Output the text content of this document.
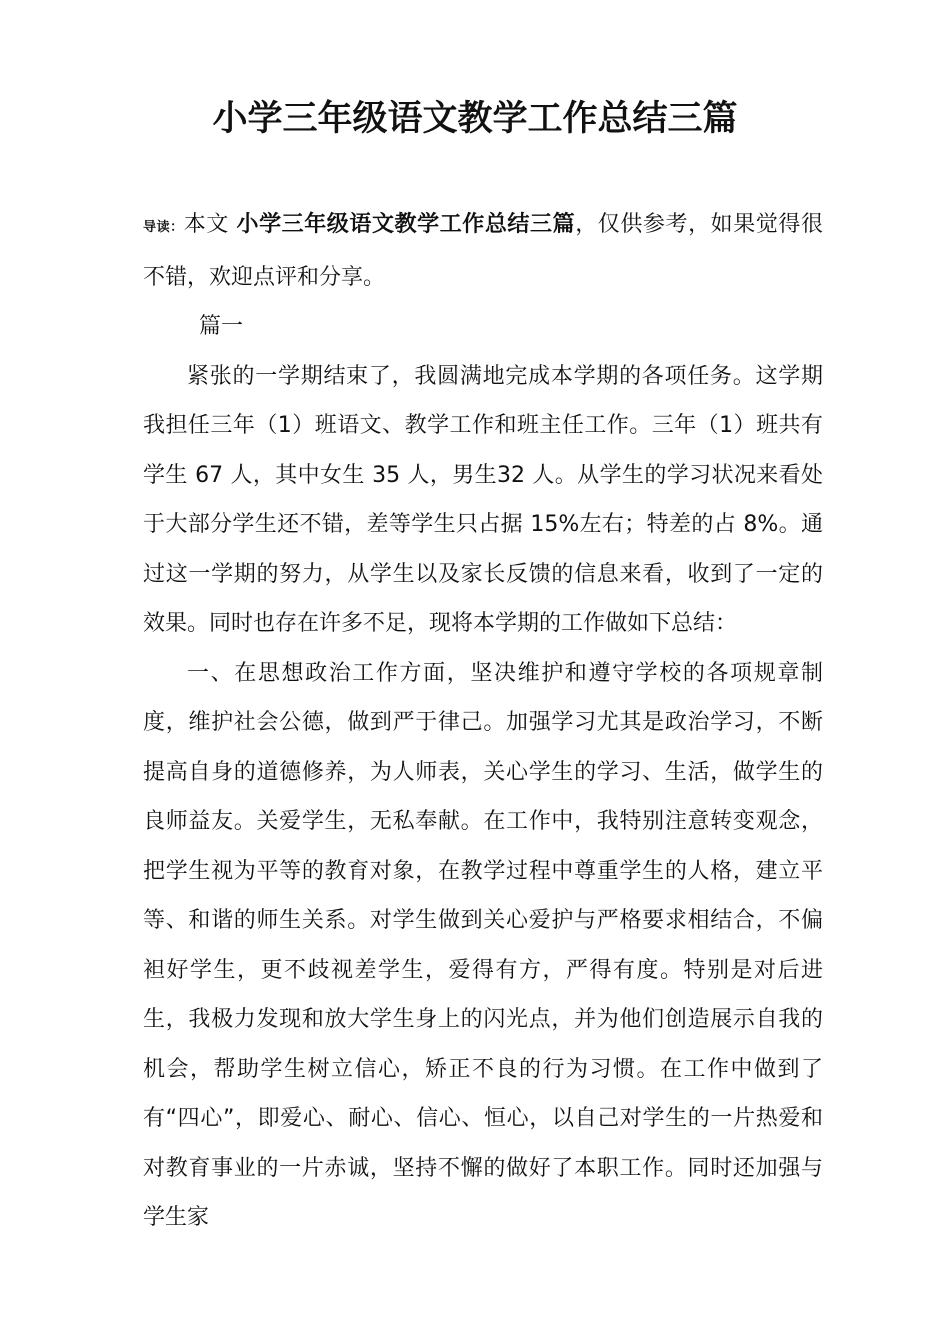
小学三年级语文教学工作总结三篇

导读：本文 小学三年级语文教学工作总结三篇，仅供参考，如果觉得很不错，欢迎点评和分享。

篇一

紧张的一学期结束了，我圆满地完成本学期的各项任务。这学期我担任三年（1）班语文、教学工作和班主任工作。三年（1）班共有学生 67 人，其中女生 35 人，男生32 人。从学生的学习状况来看处于大部分学生还不错，差等学生只占据 15%左右；特差的占 8%。通过这一学期的努力，从学生以及家长反馈的信息来看，收到了一定的效果。同时也存在许多不足，现将本学期的工作做如下总结：

一、在思想政治工作方面，坚决维护和遵守学校的各项规章制度，维护社会公德，做到严于律己。加强学习尤其是政治学习，不断提高自身的道德修养，为人师表，关心学生的学习、生活，做学生的良师益友。关爱学生，无私奉献。在工作中，我特别注意转变观念，把学生视为平等的教育对象，在教学过程中尊重学生的人格，建立平等、和谐的师生关系。对学生做到关心爱护与严格要求相结合，不偏袒好学生，更不歧视差学生，爱得有方，严得有度。特别是对后进生，我极力发现和放大学生身上的闪光点，并为他们创造展示自我的机会，帮助学生树立信心，矫正不良的行为习惯。在工作中做到了有“四心”，即爱心、耐心、信心、恒心，以自己对学生的一片热爱和对教育事业的一片赤诚，坚持不懈的做好了本职工作。同时还加强与学生家
